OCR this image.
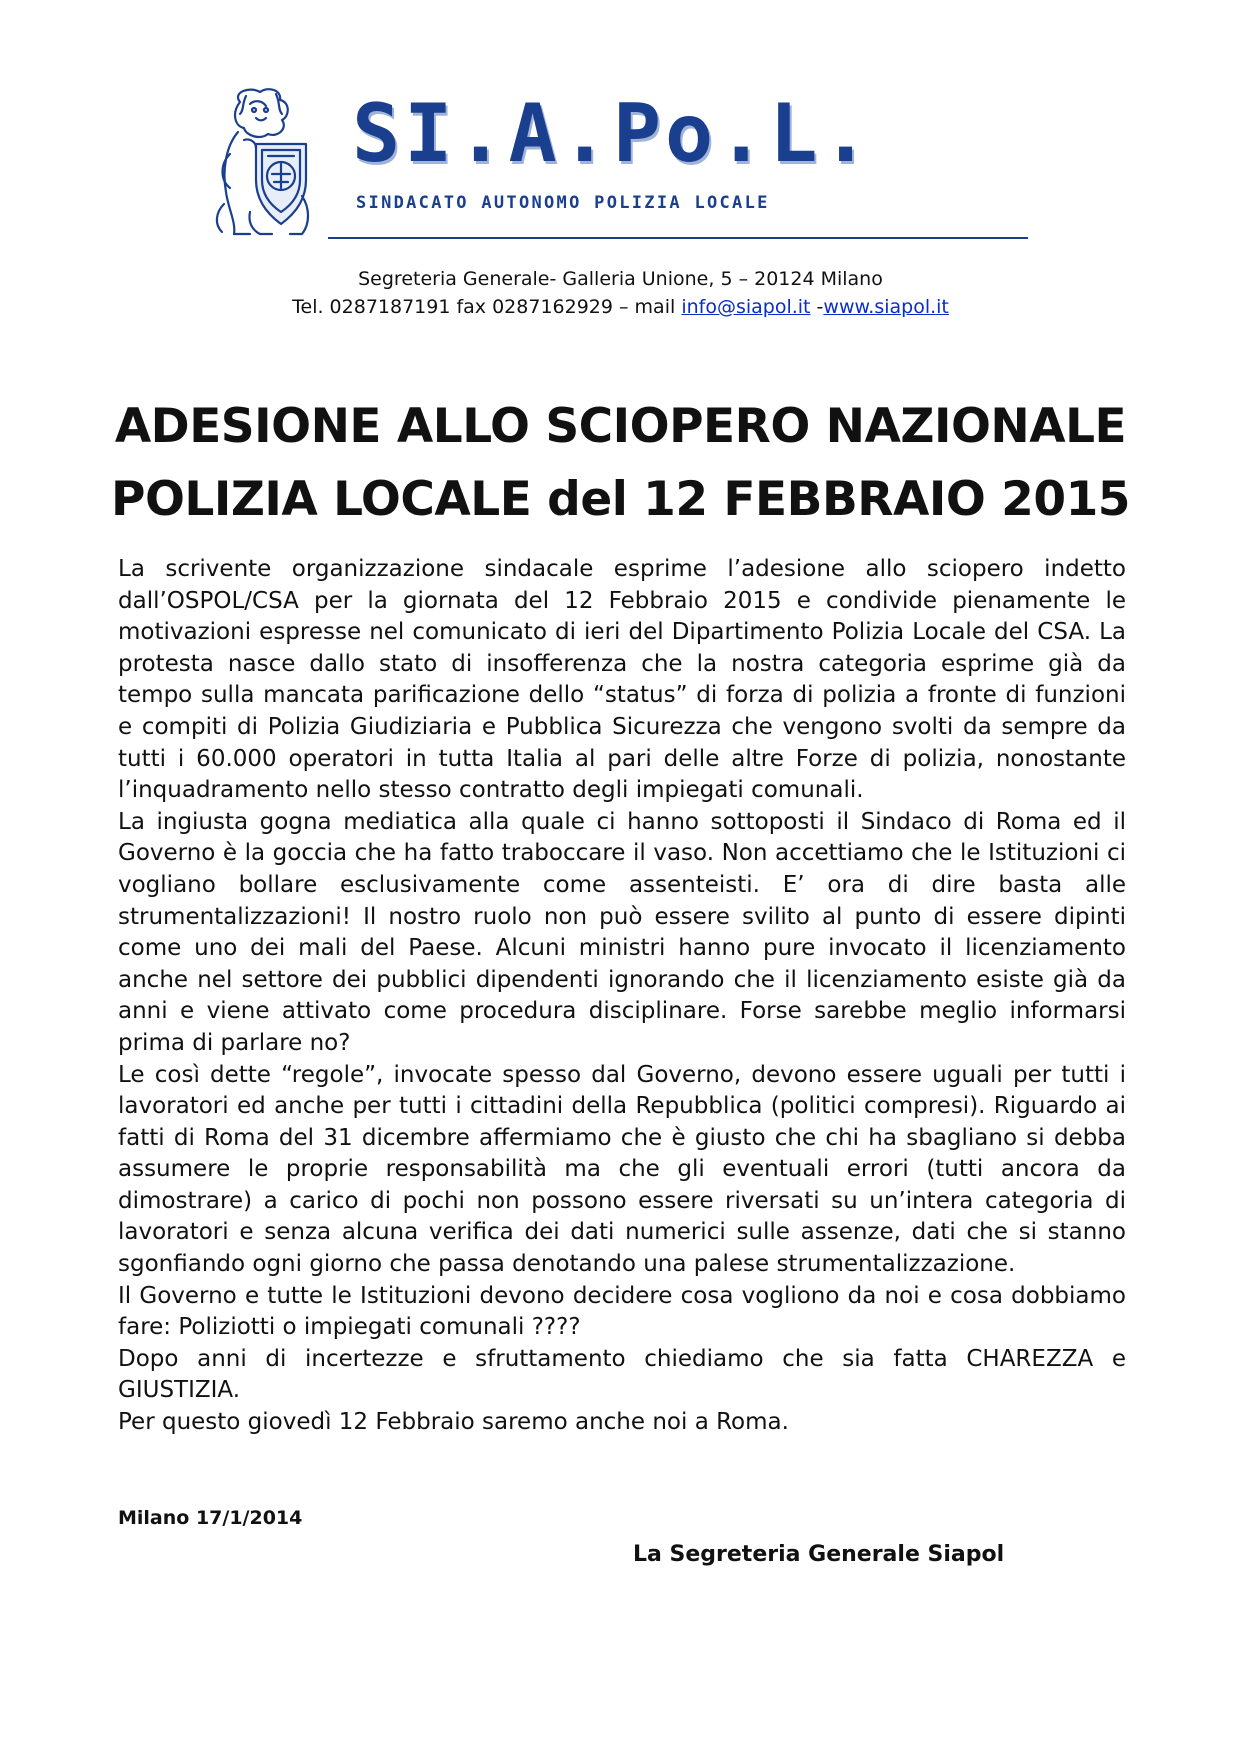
SI.A.Po.L.
SINDACATO AUTONOMO POLIZIA LOCALE
Segreteria Generale- Galleria Unione, 5 – 20124 Milano
Tel. 0287187191 fax 0287162929 – mail info@siapol.it -www.siapol.it
ADESIONE ALLO SCIOPERO NAZIONALE
POLIZIA LOCALE del 12 FEBBRAIO 2015

La scrivente organizzazione sindacale esprime l’adesione allo sciopero indetto dall’OSPOL/CSA per la giornata del 12 Febbraio 2015 e condivide pienamente le motivazioni espresse nel comunicato di ieri del Dipartimento Polizia Locale del CSA. La protesta nasce dallo stato di insofferenza che la nostra categoria esprime già da tempo sulla mancata parificazione dello “status” di forza di polizia a fronte di funzioni e compiti di Polizia Giudiziaria e Pubblica Sicurezza che vengono svolti da sempre da tutti i 60.000 operatori in tutta Italia al pari delle altre Forze di polizia, nonostante l’inquadramento nello stesso contratto degli impiegati comunali.

La ingiusta gogna mediatica alla quale ci hanno sottoposti il Sindaco di Roma ed il Governo è la goccia che ha fatto traboccare il vaso. Non accettiamo che le Istituzioni ci vogliano bollare esclusivamente come assenteisti. E’ ora di dire basta alle strumentalizzazioni! Il nostro ruolo non può essere svilito al punto di essere dipinti come uno dei mali del Paese. Alcuni ministri hanno pure invocato il licenziamento anche nel settore dei pubblici dipendenti ignorando che il licenziamento esiste già da anni e viene attivato come procedura disciplinare. Forse sarebbe meglio informarsi prima di parlare no?

Le così dette “regole”, invocate spesso dal Governo, devono essere uguali per tutti i lavoratori ed anche per tutti i cittadini della Repubblica (politici compresi). Riguardo ai fatti di Roma del 31 dicembre affermiamo che è giusto che chi ha sbagliano si debba assumere le proprie responsabilità ma che gli eventuali errori (tutti ancora da dimostrare) a carico di pochi non possono essere riversati su un’intera categoria di lavoratori e senza alcuna verifica dei dati numerici sulle assenze, dati che si stanno sgonfiando ogni giorno che passa denotando una palese strumentalizzazione.

Il Governo e tutte le Istituzioni devono decidere cosa vogliono da noi e cosa dobbiamo fare: Poliziotti o impiegati comunali ????

Dopo anni di incertezze e sfruttamento chiediamo che sia fatta CHAREZZA e GIUSTIZIA.

Per questo giovedì 12 Febbraio saremo anche noi a Roma.

Milano 17/1/2014
La Segreteria Generale Siapol
